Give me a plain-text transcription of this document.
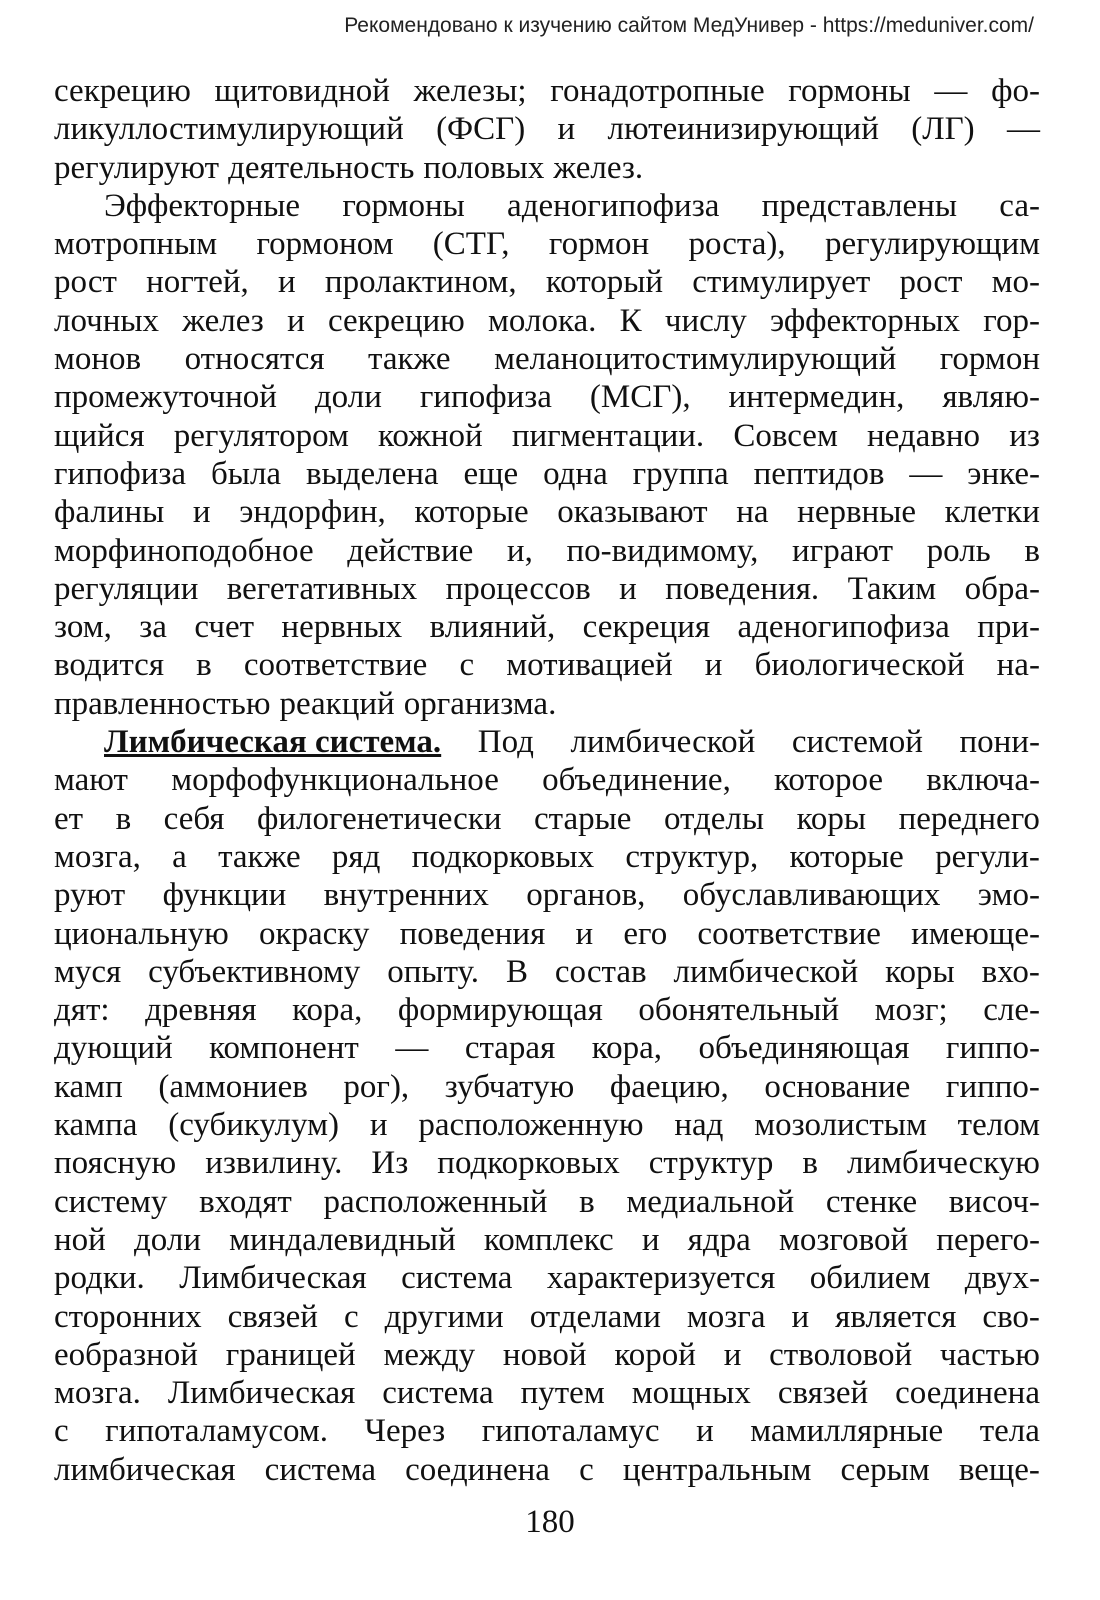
Рекомендовано к изучению сайтом МедУнивер - https://meduniver.com/
секрецию щитовидной железы; гонадотропные гормоны — фо-
ликуллостимулирующий (ФСГ) и лютеинизирующий (ЛГ) —
регулируют деятельность половых желез.
Эффекторные гормоны аденогипофиза представлены са-
мотропным гормоном (СТГ, гормон роста), регулирующим
рост ногтей, и пролактином, который стимулирует рост мо-
лочных желез и секрецию молока. К числу эффекторных гор-
монов относятся также меланоцитостимулирующий гормон
промежуточной доли гипофиза (МСГ), интермедин, являю-
щийся регулятором кожной пигментации. Совсем недавно из
гипофиза была выделена еще одна группа пептидов — энке-
фалины и эндорфин, которые оказывают на нервные клетки
морфиноподобное действие и, по-видимому, играют роль в
регуляции вегетативных процессов и поведения. Таким обра-
зом, за счет нервных влияний, секреция аденогипофиза при-
водится в соответствие с мотивацией и биологической на-
правленностью реакций организма.
Лимбическая система. Под лимбической системой пони-
мают морфофункциональное объединение, которое включа-
ет в себя филогенетически старые отделы коры переднего
мозга, а также ряд подкорковых структур, которые регули-
руют функции внутренних органов, обуславливающих эмо-
циональную окраску поведения и его соответствие имеюще-
муся субъективному опыту. В состав лимбической коры вхо-
дят: древняя кора, формирующая обонятельный мозг; сле-
дующий компонент — старая кора, объединяющая гиппо-
камп (аммониев рог), зубчатую фаецию, основание гиппо-
кампа (субикулум) и расположенную над мозолистым телом
поясную извилину. Из подкорковых структур в лимбическую
систему входят расположенный в медиальной стенке височ-
ной доли миндалевидный комплекс и ядра мозговой перего-
родки. Лимбическая система характеризуется обилием двух-
сторонних связей с другими отделами мозга и является сво-
еобразной границей между новой корой и стволовой частью
мозга. Лимбическая система путем мощных связей соединена
с гипоталамусом. Через гипоталамус и мамиллярные тела
лимбическая система соединена с центральным серым веще-
180
